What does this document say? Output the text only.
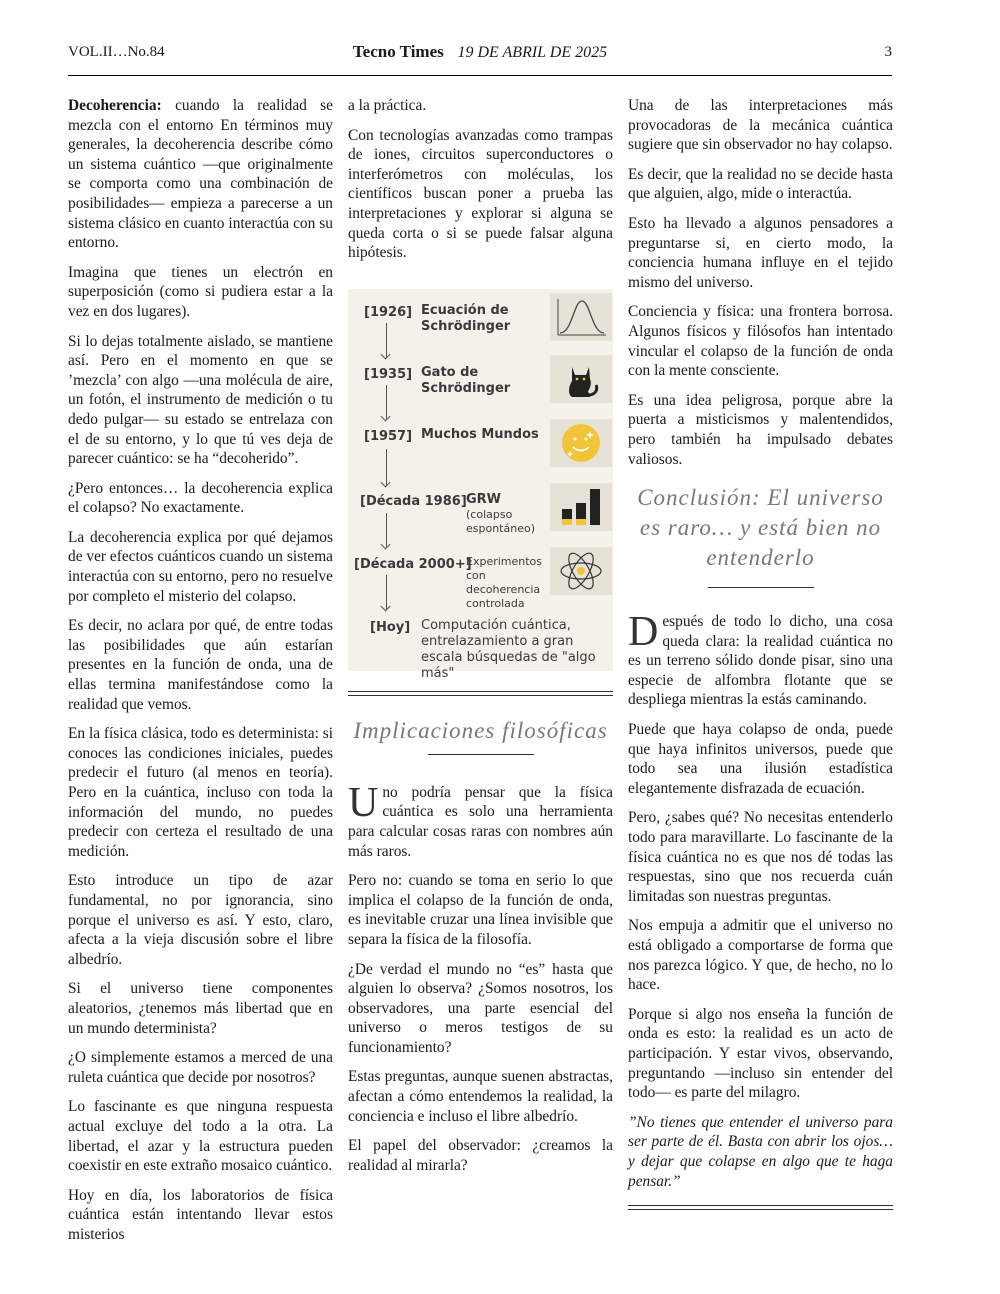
VOL.II…No.84	Tecno Times 19 DE ABRIL DE 2025	3

Decoherencia: cuando la realidad se mezcla con el entorno En términos muy generales, la decoherencia describe cómo un sistema cuántico —que originalmente se comporta como una combinación de posibilidades— empieza a parecerse a un sistema clásico en cuanto interactúa con su entorno.

Imagina que tienes un electrón en superposición (como si pudiera estar a la vez en dos lugares).

Si lo dejas totalmente aislado, se mantiene así. Pero en el momento en que se ’mezcla’ con algo —una molécula de aire, un fotón, el instrumento de medición o tu dedo pulgar— su estado se entrelaza con el de su entorno, y lo que tú ves deja de parecer cuántico: se ha “decoherido”.

¿Pero entonces… la decoherencia explica el colapso? No exactamente.

La decoherencia explica por qué dejamos de ver efectos cuánticos cuando un sistema interactúa con su entorno, pero no resuelve por completo el misterio del colapso.

Es decir, no aclara por qué, de entre todas las posibilidades que aún estarían presentes en la función de onda, una de ellas termina manifestándose como la realidad que vemos.

En la física clásica, todo es determinista: si conoces las condiciones iniciales, puedes predecir el futuro (al menos en teoría). Pero en la cuántica, incluso con toda la información del mundo, no puedes predecir con certeza el resultado de una medición.

Esto introduce un tipo de azar fundamental, no por ignorancia, sino porque el universo es así. Y esto, claro, afecta a la vieja discusión sobre el libre albedrío.

Si el universo tiene componentes aleatorios, ¿tenemos más libertad que en un mundo determinista?

¿O simplemente estamos a merced de una ruleta cuántica que decide por nosotros?

Lo fascinante es que ninguna respuesta actual excluye del todo a la otra. La libertad, el azar y la estructura pueden coexistir en este extraño mosaico cuántico.

Hoy en día, los laboratorios de física cuántica están intentando llevar estos misterios

a la práctica.

Con tecnologías avanzadas como trampas de iones, circuitos superconductores o interferómetros con moléculas, los científicos buscan poner a prueba las interpretaciones y explorar si alguna se queda corta o si se puede falsar alguna hipótesis.

[1926] Ecuación de Schrödinger
[1935] Gato de Schrödinger
[1957] Muchos Mundos
[Década 1986] GRW
(colapso espontáneo)
[Década 2000+]
Experimentos con decoherencia controlada
[Hoy] Computación cuántica, entrelazamiento a gran escala búsquedas de "algo más"
Implicaciones filosóficas

Uno podría pensar que la física cuántica es solo una herramienta para calcular cosas raras con nombres aún más raros.

Pero no: cuando se toma en serio lo que implica el colapso de la función de onda, es inevitable cruzar una línea invisible que separa la física de la filosofía.

¿De verdad el mundo no “es” hasta que alguien lo observa? ¿Somos nosotros, los observadores, una parte esencial del universo o meros testigos de su funcionamiento?

Estas preguntas, aunque suenen abstractas, afectan a cómo entendemos la realidad, la conciencia e incluso el libre albedrío.

El papel del observador: ¿creamos la realidad al mirarla?

Una de las interpretaciones más provocadoras de la mecánica cuántica sugiere que sin observador no hay colapso.

Es decir, que la realidad no se decide hasta que alguien, algo, mide o interactúa.

Esto ha llevado a algunos pensadores a preguntarse si, en cierto modo, la conciencia humana influye en el tejido mismo del universo.

Conciencia y física: una frontera borrosa. Algunos físicos y filósofos han intentado vincular el colapso de la función de onda con la mente consciente.

Es una idea peligrosa, porque abre la puerta a misticismos y malentendidos, pero también ha impulsado debates valiosos.

Conclusión: El universo es raro… y está bien no entenderlo

Después de todo lo dicho, una cosa queda clara: la realidad cuántica no es un terreno sólido donde pisar, sino una especie de alfombra flotante que se despliega mientras la estás caminando.

Puede que haya colapso de onda, puede que haya infinitos universos, puede que todo sea una ilusión estadística elegantemente disfrazada de ecuación.

Pero, ¿sabes qué? No necesitas entenderlo todo para maravillarte. Lo fascinante de la física cuántica no es que nos dé todas las respuestas, sino que nos recuerda cuán limitadas son nuestras preguntas.

Nos empuja a admitir que el universo no está obligado a comportarse de forma que nos parezca lógico. Y que, de hecho, no lo hace.

Porque si algo nos enseña la función de onda es esto: la realidad es un acto de participación. Y estar vivos, observando, preguntando —incluso sin entender del todo— es parte del milagro.

”No tienes que entender el universo para ser parte de él. Basta con abrir los ojos… y dejar que colapse en algo que te haga pensar.”
